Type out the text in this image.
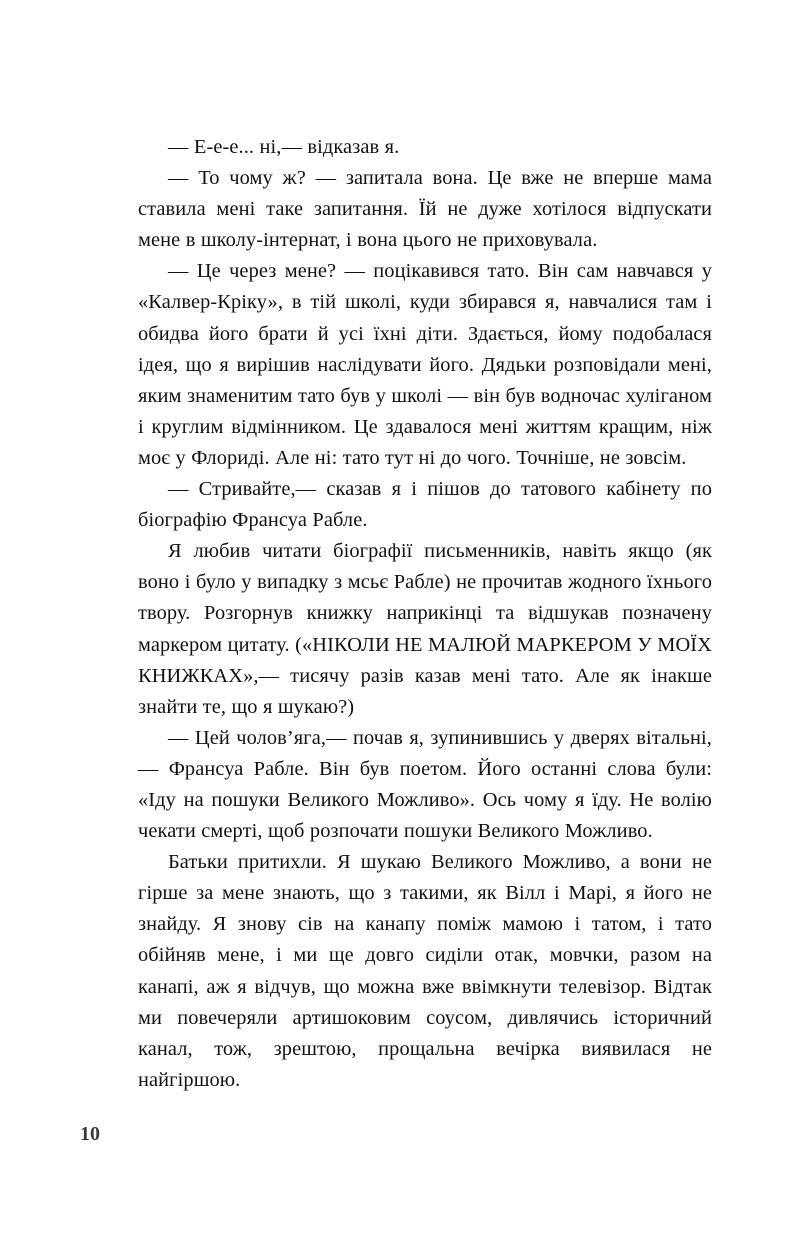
— Е-е-е... ні,— відказав я.

— То чому ж? — запитала вона. Це вже не вперше мама ставила мені таке запитання. Їй не дуже хотілося відпускати мене в школу-інтернат, і вона цього не приховувала.

— Це через мене? — поцікавився тато. Він сам навчався у «Калвер-Кріку», в тій школі, куди збирався я, навчалися там і обидва його брати й усі їхні діти. Здається, йому подобалася ідея, що я вирішив наслідувати його. Дядьки розповідали мені, яким знаменитим тато був у школі — він був водночас хуліганом і круглим відмінником. Це здавалося мені життям кращим, ніж моє у Флориді. Але ні: тато тут ні до чого. Точніше, не зовсім.

— Стривайте,— сказав я і пішов до татового кабінету по біографію Франсуа Рабле.

Я любив читати біографії письменників, навіть якщо (як воно і було у випадку з мсьє Рабле) не прочитав жодного їхнього твору. Розгорнув книжку наприкінці та відшукав позначену маркером цитату. («НІКОЛИ НЕ МАЛЮЙ МАРКЕРОМ У МОЇХ КНИЖКАХ»,— тисячу разів казав мені тато. Але як інакше знайти те, що я шукаю?)

— Цей чолов’яга,— почав я, зупинившись у дверях вітальні,— Франсуа Рабле. Він був поетом. Його останні слова були: «Іду на пошуки Великого Можливо». Ось чому я їду. Не волію чекати смерті, щоб розпочати пошуки Великого Можливо.

Батьки притихли. Я шукаю Великого Можливо, а вони не гірше за мене знають, що з такими, як Вілл і Марі, я його не знайду. Я знову сів на канапу поміж мамою і татом, і тато обійняв мене, і ми ще довго сиділи отак, мовчки, разом на канапі, аж я відчув, що можна вже ввімкнути телевізор. Відтак ми повечеряли артишоковим соусом, дивлячись історичний канал, тож, зрештою, прощальна вечірка виявилася не найгіршою.

10
